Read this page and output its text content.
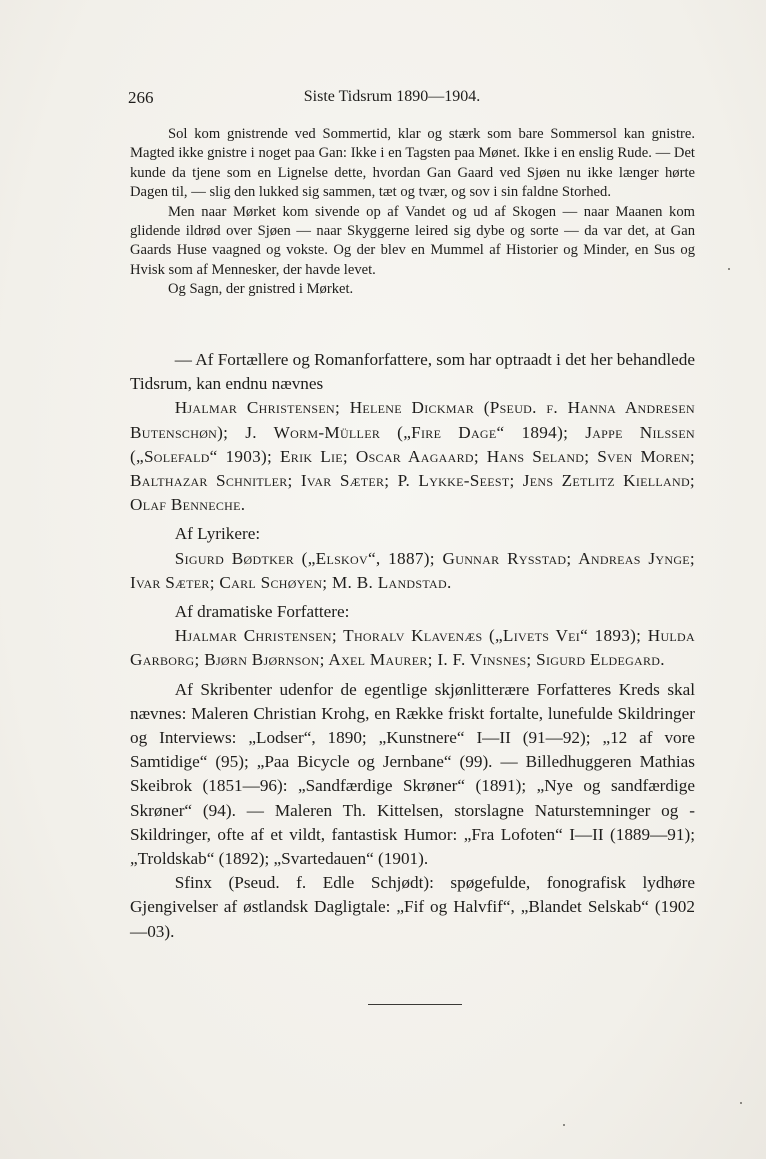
266	Siste Tidsrum 1890—1904.

Sol kom gnistrende ved Sommertid, klar og stærk som bare Sommersol kan gnistre. Magted ikke gnistre i noget paa Gan: Ikke i en Tagsten paa Mønet. Ikke i en enslig Rude. — Det kunde da tjene som en Lignelse dette, hvordan Gan Gaard ved Sjøen nu ikke længer hørte Dagen til, — slig den lukked sig sammen, tæt og tvær, og sov i sin faldne Storhed.

Men naar Mørket kom sivende op af Vandet og ud af Skogen — naar Maanen kom glidende ildrød over Sjøen — naar Skyggerne leired sig dybe og sorte — da var det, at Gan Gaards Huse vaagned og vokste. Og der blev en Mummel af Historier og Minder, en Sus og Hvisk som af Mennesker, der havde levet.

Og Sagn, der gnistred i Mørket.

— Af Fortællere og Romanforfattere, som har optraadt i det her behandlede Tidsrum, kan endnu nævnes

Hjalmar Christensen; Helene Dickmar (Pseud. f. Hanna Andresen Butenschøn); J. Worm-Müller („Fire Dage“ 1894); Jappe Nilssen („Solefald“ 1903); Erik Lie; Oscar Aagaard; Hans Seland; Sven Moren; Balthazar Schnitler; Ivar Sæter; P. Lykke-Seest; Jens Zetlitz Kielland; Olaf Benneche.

Af Lyrikere:

Sigurd Bødtker („Elskov“, 1887); Gunnar Rysstad; Andreas Jynge; Ivar Sæter; Carl Schøyen; M. B. Landstad.

Af dramatiske Forfattere:

Hjalmar Christensen; Thoralv Klavenæs („Livets Vei“ 1893); Hulda Garborg; Bjørn Bjørnson; Axel Maurer; I. F. Vinsnes; Sigurd Eldegard.

Af Skribenter udenfor de egentlige skjønlitterære Forfatteres Kreds skal nævnes: Maleren Christian Krohg, en Række friskt fortalte, lunefulde Skildringer og Interviews: „Lodser“, 1890; „Kunstnere“ I—II (91—92); „12 af vore Samtidige“ (95); „Paa Bicycle og Jernbane“ (99). — Billedhuggeren Mathias Skeibrok (1851—96): „Sandfærdige Skrøner“ (1891); „Nye og sandfærdige Skrøner“ (94). — Maleren Th. Kittelsen, storslagne Naturstemninger og -Skildringer, ofte af et vildt, fantastisk Humor: „Fra Lofoten“ I—II (1889—91); „Troldskab“ (1892); „Svartedauen“ (1901).

Sfinx (Pseud. f. Edle Schjødt): spøgefulde, fonografisk lydhøre Gjengivelser af østlandsk Dagligtale: „Fif og Halvfif“, „Blandet Selskab“ (1902—03).
